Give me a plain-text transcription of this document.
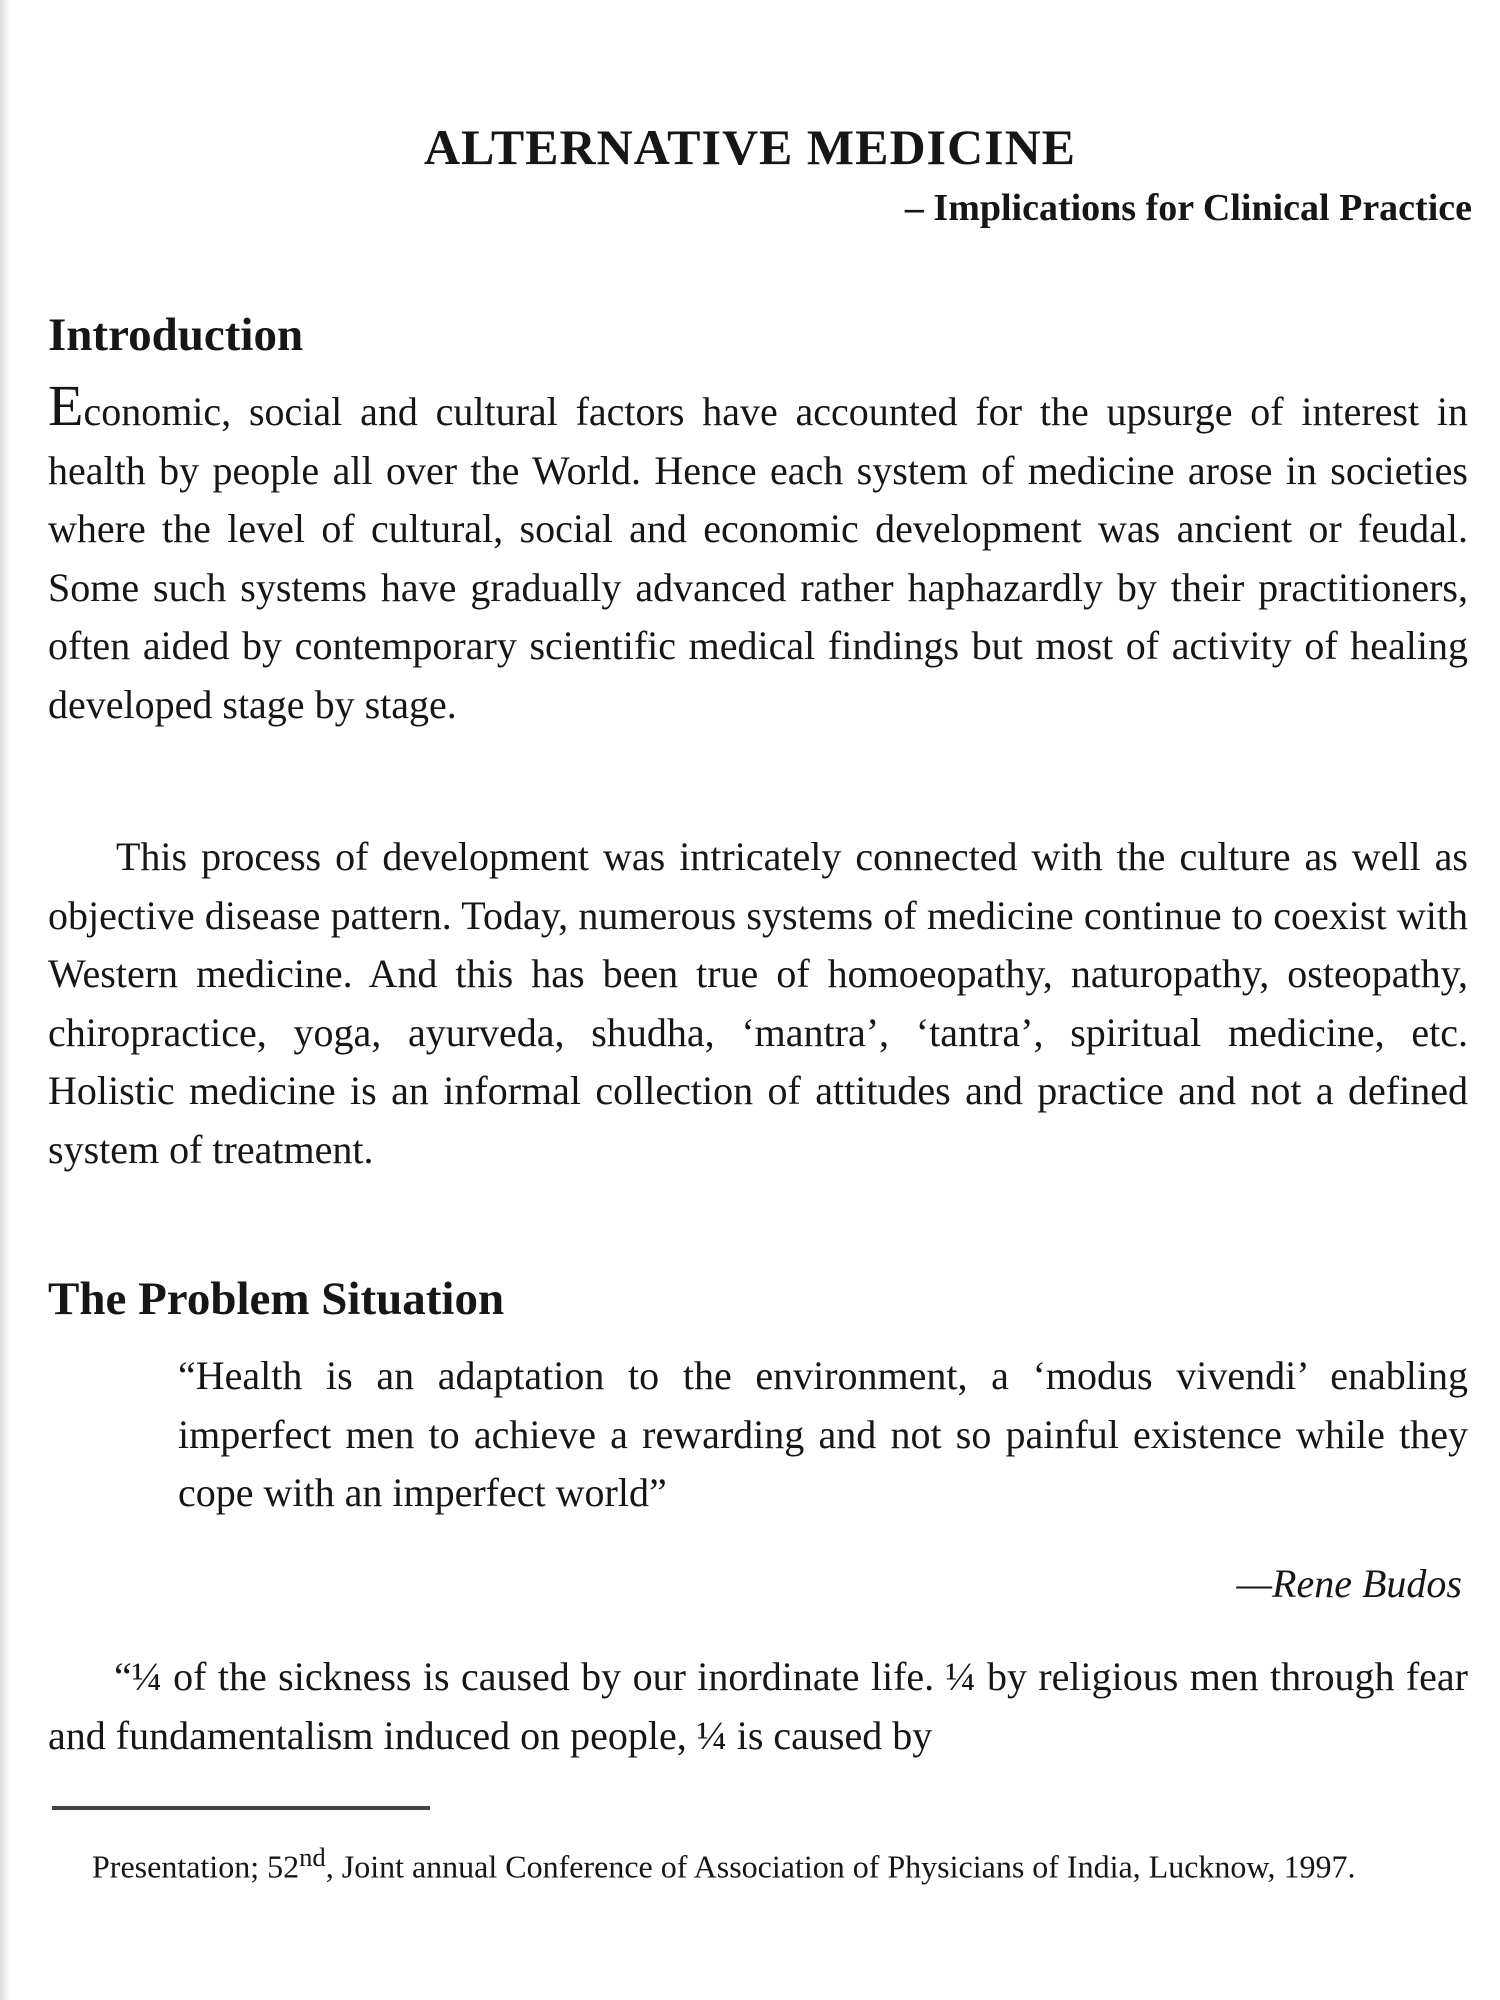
ALTERNATIVE MEDICINE
– Implications for Clinical Practice
Introduction

Economic, social and cultural factors have accounted for the upsurge of interest in health by people all over the World. Hence each system of medicine arose in societies where the level of cultural, social and economic development was ancient or feudal. Some such systems have gradually advanced rather haphazardly by their practitioners, often aided by contemporary scientific medical findings but most of activity of healing developed stage by stage.

This process of development was intricately connected with the culture as well as objective disease pattern. Today, numerous systems of medicine continue to coexist with Western medicine. And this has been true of homoeopathy, naturopathy, osteopathy, chiropractice, yoga, ayurveda, shudha, ‘mantra’, ‘tantra’, spiritual medicine, etc. Holistic medicine is an informal collection of attitudes and practice and not a defined system of treatment.

The Problem Situation

“Health is an adaptation to the environment, a ‘modus vivendi’ enabling imperfect men to achieve a rewarding and not so painful existence while they cope with an imperfect world”

—Rene Budos

“¼ of the sickness is caused by our inordinate life. ¼ by religious men through fear and fundamentalism induced on people, ¼ is caused by

Presentation; 52nd, Joint annual Conference of Association of Physicians of India, Lucknow, 1997.
